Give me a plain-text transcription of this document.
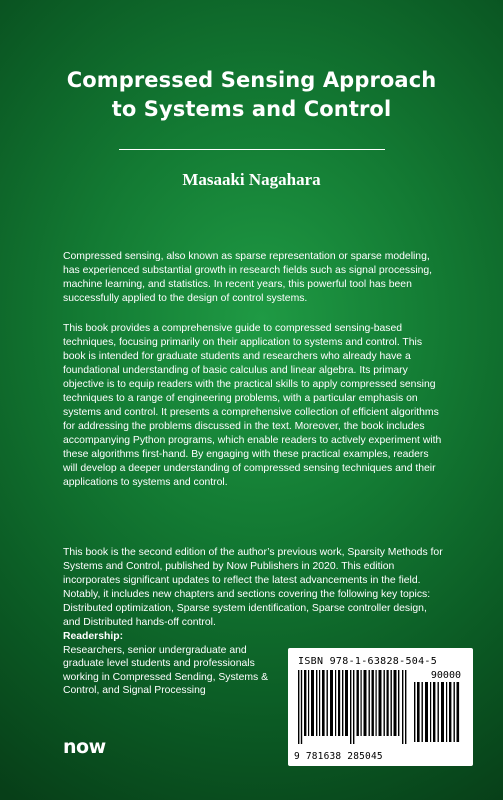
Compressed Sensing Approach
to Systems and Control
Masaaki Nagahara

Compressed sensing, also known as sparse representation or sparse modeling, has experienced substantial growth in research fields such as signal processing, machine learning, and statistics. In recent years, this powerful tool has been successfully applied to the design of control systems.

This book provides a comprehensive guide to compressed sensing-based techniques, focusing primarily on their application to systems and control. This book is intended for graduate students and researchers who already have a foundational understanding of basic calculus and linear algebra. Its primary objective is to equip readers with the practical skills to apply compressed sensing techniques to a range of engineering problems, with a particular emphasis on systems and control. It presents a comprehensive collection of efficient algorithms for addressing the problems discussed in the text. Moreover, the book includes accompanying Python programs, which enable readers to actively experiment with these algorithms first-hand. By engaging with these practical examples, readers will develop a deeper understanding of compressed sensing techniques and their applications to systems and control.

This book is the second edition of the author’s previous work, Sparsity Methods for Systems and Control, published by Now Publishers in 2020. This edition incorporates significant updates to reflect the latest advancements in the field. Notably, it includes new chapters and sections covering the following key topics: Distributed optimization, Sparse system identification, Sparse controller design, and Distributed hands-off control.

Readership:
Researchers, senior undergraduate and graduate level students and professionals working in Compressed Sending, Systems & Control, and Signal Processing
ISBN 978-1-63828-504-5
90000
9 781638 285045
now
